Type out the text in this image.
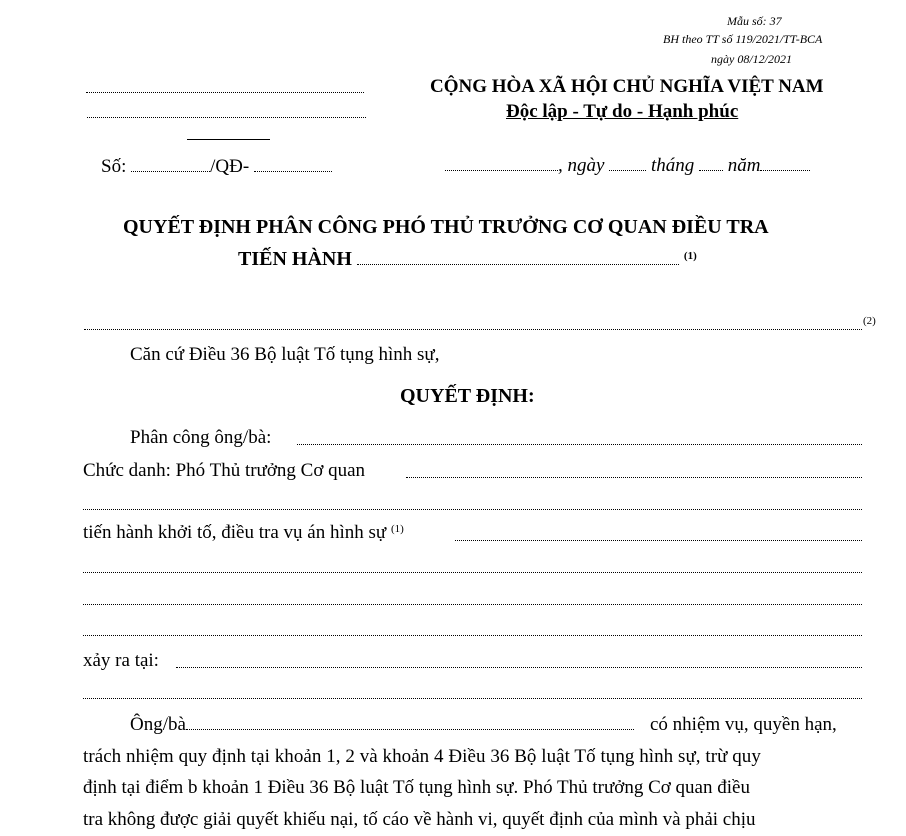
Mẫu số: 37
BH theo TT số 119/2021/TT-BCA
ngày 08/12/2021
CỘNG HÒA XÃ HỘI CHỦ NGHĨA VIỆT NAM
Độc lập - Tự do - Hạnh phúc
Số:	/QĐ-	, ngày tháng năm
QUYẾT ĐỊNH PHÂN CÔNG PHÓ THỦ TRƯỞNG CƠ QUAN ĐIỀU TRA
TIẾN HÀNH	$^{(1)}$
(2)
Căn cứ Điều 36 Bộ luật Tố tụng hình sự,
QUYẾT ĐỊNH:
Phân công ông/bà:
Chức danh: Phó Thủ trưởng Cơ quan
tiến hành khởi tố, điều tra vụ án hình sự $^{(1)}$
xảy ra tại:
Ông/bà	có nhiệm vụ, quyền hạn,
trách nhiệm quy định tại khoản 1, 2 và khoản 4 Điều 36 Bộ luật Tố tụng hình sự, trừ quy
định tại điểm b khoản 1 Điều 36 Bộ luật Tố tụng hình sự. Phó Thủ trưởng Cơ quan điều
tra không được giải quyết khiếu nại, tố cáo về hành vi, quyết định của mình và phải chịu
